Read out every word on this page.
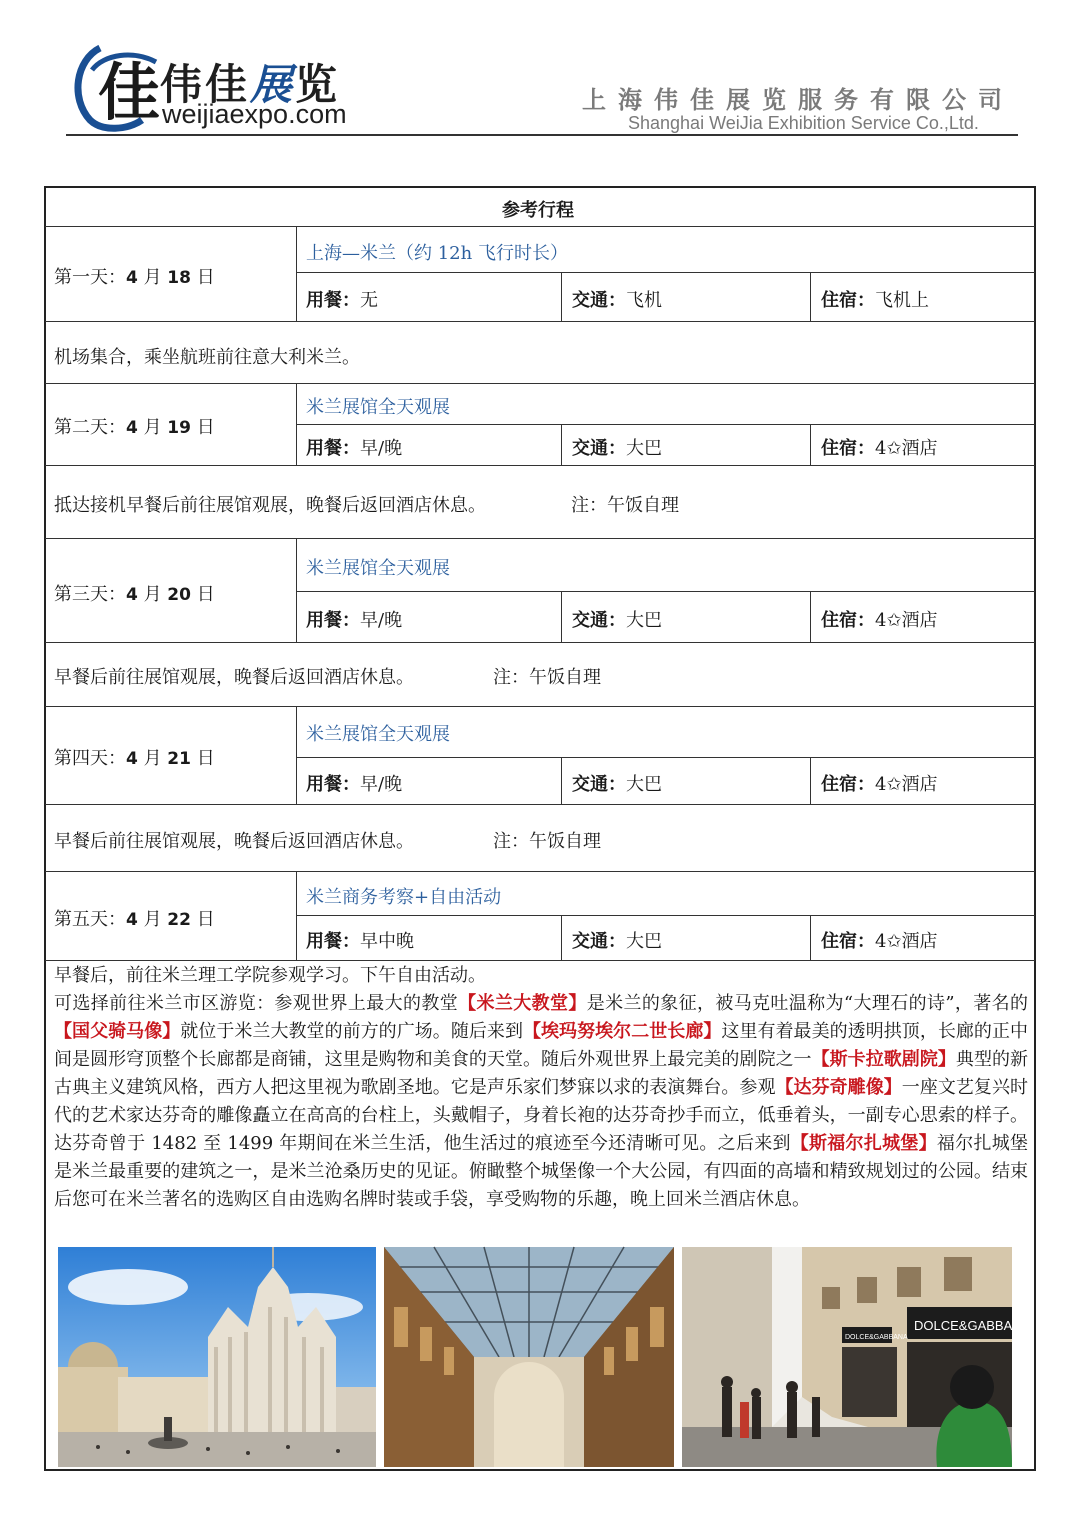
佳 伟佳展览
weijiaexpo.com	上海伟佳展览服务有限公司
Shanghai WeiJia Exhibition Service Co.,Ltd.
参考行程
第一天：4 月 18 日
上海—米兰（约 12h 飞行时长）
用餐：无	交通：飞机	住宿：飞机上
机场集合，乘坐航班前往意大利米兰。
第二天：4 月 19 日
米兰展馆全天观展
用餐：早/晚	交通：大巴	住宿：4✩酒店
抵达接机早餐后前往展馆观展，晚餐后返回酒店休息。	注：午饭自理
第三天：4 月 20 日
米兰展馆全天观展
用餐：早/晚	交通：大巴	住宿：4✩酒店
早餐后前往展馆观展，晚餐后返回酒店休息。	注：午饭自理
第四天：4 月 21 日
米兰展馆全天观展
用餐：早/晚	交通：大巴	住宿：4✩酒店
早餐后前往展馆观展，晚餐后返回酒店休息。	注：午饭自理
第五天：4 月 22 日
米兰商务考察+自由活动
用餐：早中晚	交通：大巴	住宿：4✩酒店
早餐后，前往米兰理工学院参观学习。下午自由活动。
可选择前往米兰市区游览：参观世界上最大的教堂【米兰大教堂】是米兰的象征，被马克吐温称为“大理石的诗”，著名的【国父骑马像】就位于米兰大教堂的前方的广场。随后来到【埃玛努埃尔二世长廊】这里有着最美的透明拱顶，长廊的正中间是圆形穹顶整个长廊都是商铺，这里是购物和美食的天堂。随后外观世界上最完美的剧院之一【斯卡拉歌剧院】典型的新古典主义建筑风格，西方人把这里视为歌剧圣地。它是声乐家们梦寐以求的表演舞台。参观【达芬奇雕像】一座文艺复兴时代的艺术家达芬奇的雕像矗立在高高的台柱上，头戴帽子，身着长袍的达芬奇抄手而立，低垂着头，一副专心思索的样子。达芬奇曾于 1482 至 1499 年期间在米兰生活，他生活过的痕迹至今还清晰可见。之后来到【斯福尔扎城堡】福尔扎城堡是米兰最重要的建筑之一，是米兰沧桑历史的见证。俯瞰整个城堡像一个大公园，有四面的高墙和精致规划过的公园。结束后您可在米兰著名的选购区自由选购名牌时装或手袋，享受购物的乐趣，晚上回米兰酒店休息。
DOLCE&GABBANA
DOLCE&GABBANA
